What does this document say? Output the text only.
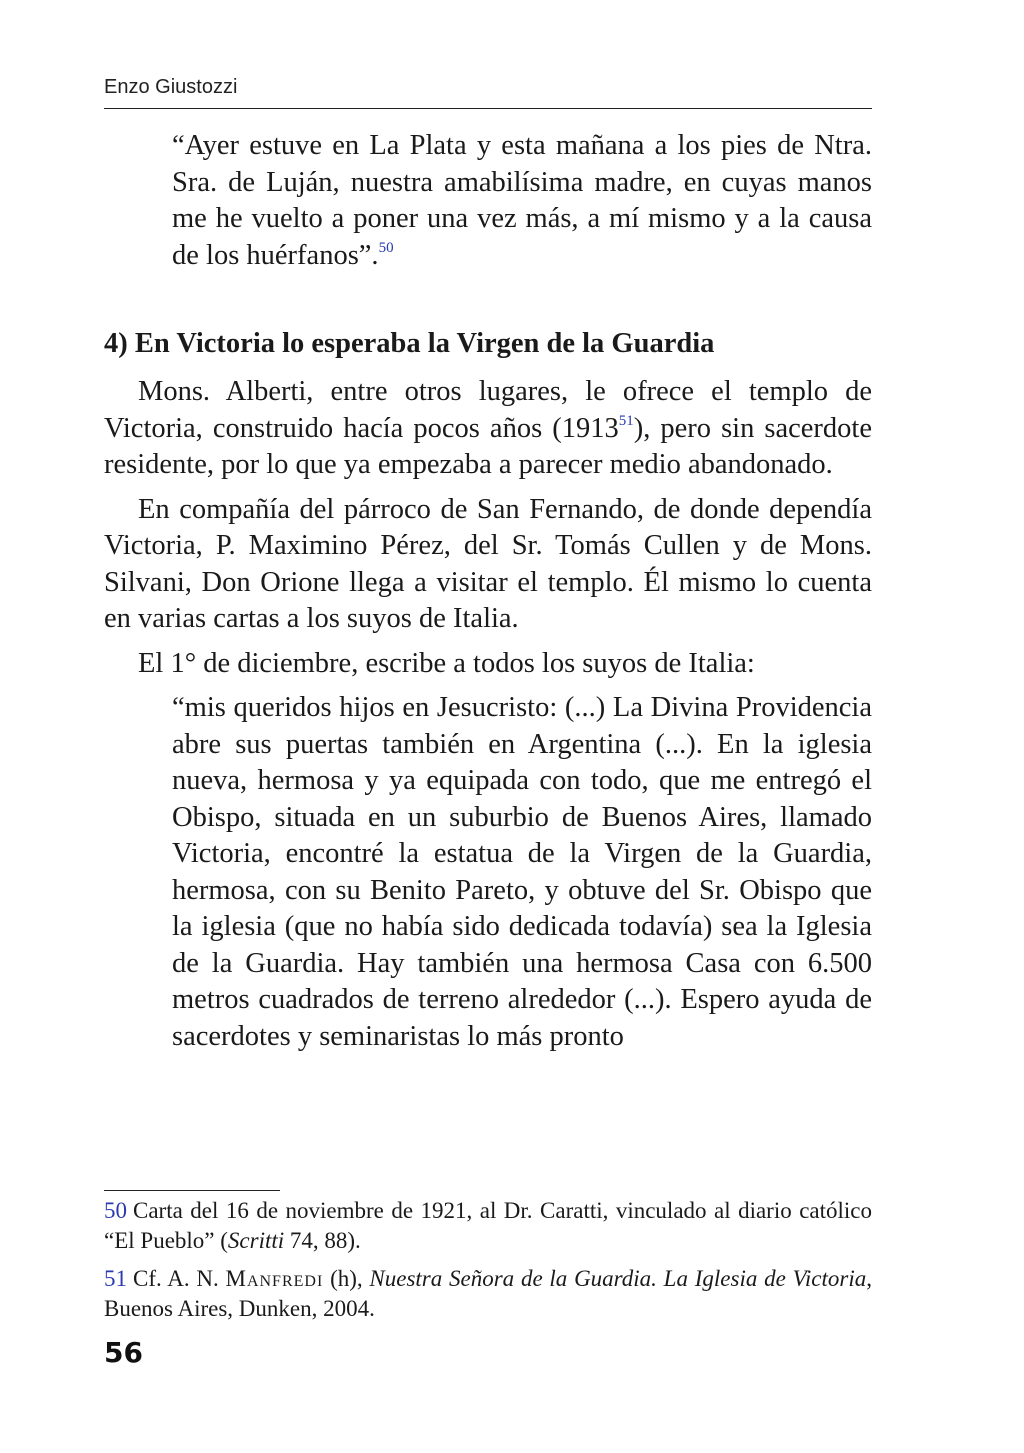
Enzo Giustozzi

“Ayer estuve en La Plata y esta mañana a los pies de Ntra. Sra. de Luján, nuestra amabilísima madre, en cuyas manos me he vuelto a poner una vez más, a mí mismo y a la causa de los huérfanos”.$^{50}$

4) En Victoria lo esperaba la Virgen de la Guardia

Mons. Alberti, entre otros lugares, le ofrece el templo de Victoria, construido hacía pocos años (1913$^{51}$), pero sin sacerdote residente, por lo que ya empezaba a parecer medio abandonado.

En compañía del párroco de San Fernando, de donde dependía Victoria, P. Maximino Pérez, del Sr. Tomás Cullen y de Mons. Silvani, Don Orione llega a visitar el templo. Él mismo lo cuenta en varias cartas a los suyos de Italia.

El 1° de diciembre, escribe a todos los suyos de Italia:

“mis queridos hijos en Jesucristo: (...) La Divina Providencia abre sus puertas también en Argentina (...). En la iglesia nueva, hermosa y ya equipada con todo, que me entregó el Obispo, situada en un suburbio de Buenos Aires, llamado Victoria, encontré la estatua de la Virgen de la Guardia, hermosa, con su Benito Pareto, y obtuve del Sr. Obispo que la iglesia (que no había sido dedicada todavía) sea la Iglesia de la Guardia. Hay también una hermosa Casa con 6.500 metros cuadrados de terreno alrededor (...). Espero ayuda de sacerdotes y seminaristas lo más pronto

50 Carta del 16 de noviembre de 1921, al Dr. Caratti, vinculado al diario católico “El Pueblo” (Scritti 74, 88).

51 Cf. A. N. Manfredi (h), Nuestra Señora de la Guardia. La Iglesia de Victoria, Buenos Aires, Dunken, 2004.

56
